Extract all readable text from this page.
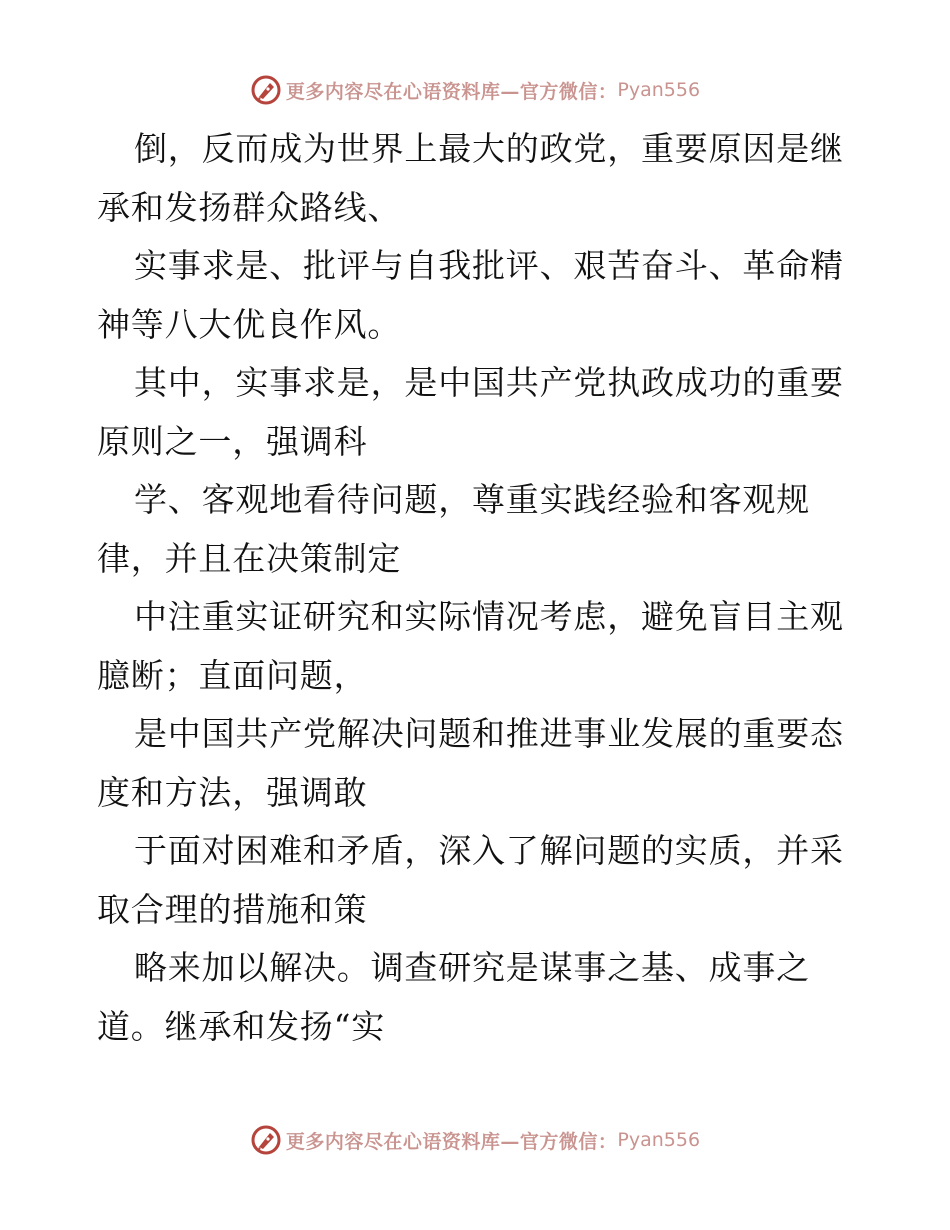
更多内容尽在心语资料库—官方微信： Pyan556
倒，反而成为世界上最大的政党，重要原因是继
承和发扬群众路线、
实事求是、批评与自我批评、艰苦奋斗、革命精
神等八大优良作风。
其中，实事求是，是中国共产党执政成功的重要
原则之一，强调科
学、客观地看待问题，尊重实践经验和客观规
律，并且在决策制定
中注重实证研究和实际情况考虑，避免盲目主观
臆断；直面问题，
是中国共产党解决问题和推进事业发展的重要态
度和方法，强调敢
于面对困难和矛盾，深入了解问题的实质，并采
取合理的措施和策
略来加以解决。调查研究是谋事之基、成事之
道。继承和发扬“实
更多内容尽在心语资料库—官方微信： Pyan556
